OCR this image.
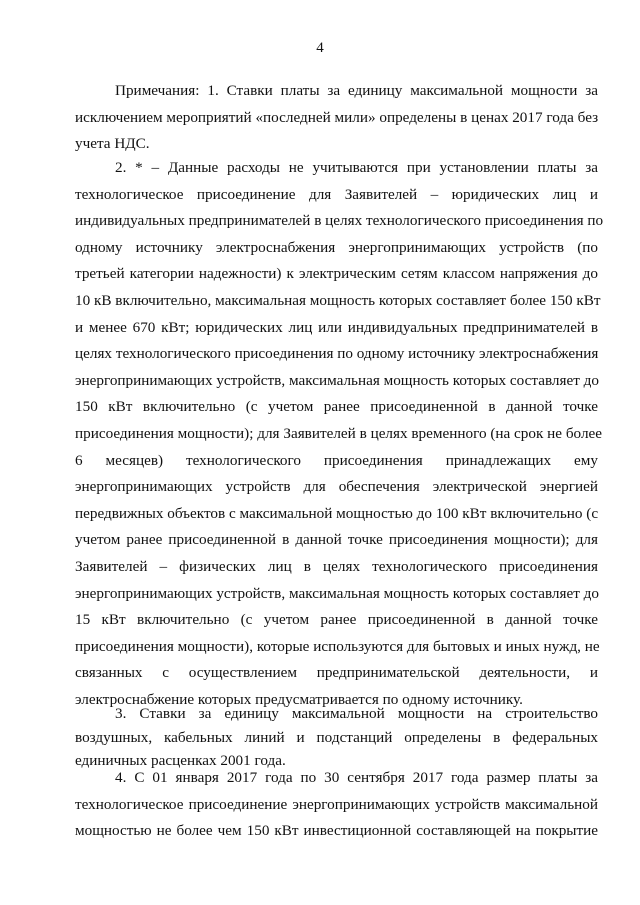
4
Примечания: 1. Ставки платы за единицу максимальной мощности за
исключением мероприятий «последней мили» определены в ценах 2017 года без
учета НДС.
2. * – Данные расходы не учитываются при установлении платы за
технологическое присоединение для Заявителей – юридических лиц и
индивидуальных предпринимателей в целях технологического присоединения по
одному источнику электроснабжения энергопринимающих устройств (по
третьей категории надежности) к электрическим сетям классом напряжения до
10 кВ включительно, максимальная мощность которых составляет более 150 кВт
и менее 670 кВт; юридических лиц или индивидуальных предпринимателей в
целях технологического присоединения по одному источнику электроснабжения
энергопринимающих устройств, максимальная мощность которых составляет до
150 кВт включительно (с учетом ранее присоединенной в данной точке
присоединения мощности); для Заявителей в целях временного (на срок не более
6 месяцев) технологического присоединения принадлежащих ему
энергопринимающих устройств для обеспечения электрической энергией
передвижных объектов с максимальной мощностью до 100 кВт включительно (с
учетом ранее присоединенной в данной точке присоединения мощности); для
Заявителей – физических лиц в целях технологического присоединения
энергопринимающих устройств, максимальная мощность которых составляет до
15 кВт включительно (с учетом ранее присоединенной в данной точке
присоединения мощности), которые используются для бытовых и иных нужд, не
связанных с осуществлением предпринимательской деятельности, и
электроснабжение которых предусматривается по одному источнику.
3. Ставки за единицу максимальной мощности на строительство
воздушных, кабельных линий и подстанций определены в федеральных
единичных расценках 2001 года.
4. С 01 января 2017 года по 30 сентября 2017 года размер платы за
технологическое присоединение энергопринимающих устройств максимальной
мощностью не более чем 150 кВт инвестиционной составляющей на покрытие
